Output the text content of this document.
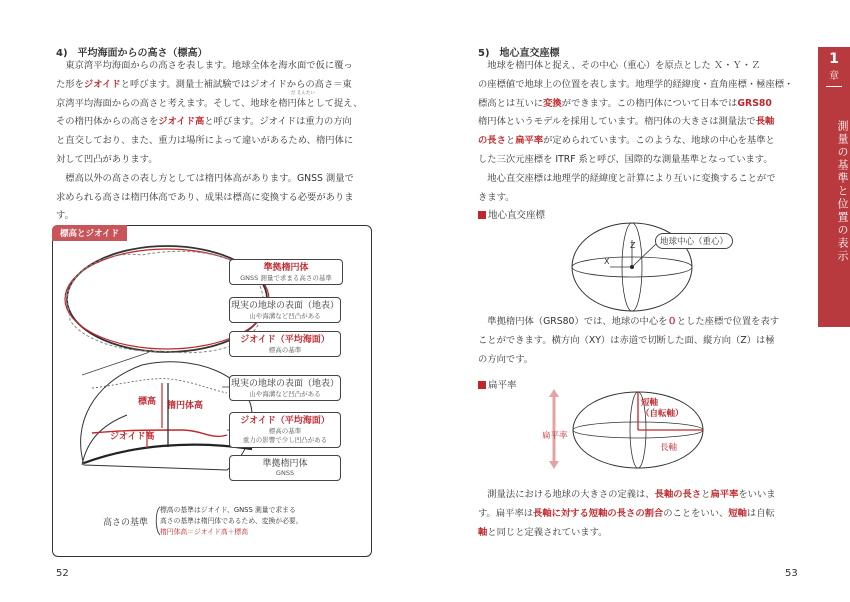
4)　平均海面からの高さ（標高）

　東京湾平均海面からの高さを表します。地球全体を海水面で仮に覆っ

た形をジオイドと呼びます。測量士補試験ではジオイドからの高さ＝東

京湾平均海面からの高さと考えます。そして、地球を楕円体として捉え、

その楕円体からの高さをジオイド高と呼びます。ジオイドは重力の方向

と直交しており、また、重力は場所によって違いがあるため、楕円体に

対して凹凸があります。

　標高以外の高さの表し方としては楕円体高があります。GNSS 測量で

求められる高さは楕円体高であり、成果は標高に変換する必要がありま

す。

だ えんたい
標高とジオイド
準拠楕円体
GNSS 測量で求まる高さの基準
現実の地球の表面（地表）
山や海溝など凹凸がある
ジオイド（平均海面）
標高の基準
現実の地球の表面（地表）
山や海溝など凹凸がある
ジオイド（平均海面）
標高の基準
重力の影響で少し凹凸がある
準拠楕円体
GNSS
標高 楕円体高
ジオイド高
高さの基準
標高の基準はジオイド、GNSS 測量で求まる
高さの基準は楕円体であるため、変換が必要。
楕円体高＝ジオイド高＋標高
52
5)　地心直交座標

　地球を楕円体と捉え、その中心（重心）を原点とした Ｘ・Ｙ・Ｚ

の座標値で地球上の位置を表します。地理学的経緯度・直角座標・極座標・

標高とは互いに変換ができます。この楕円体について日本ではGRS80

楕円体というモデルを採用しています。楕円体の大きさは測量法で長軸

の長さと扁平率が定められています。このような、地球の中心を基準と

した三次元座標を ITRF 系と呼び、国際的な測量基準となっています。

　地心直交座標は地理学的経緯度と計算により互いに変換することがで

きます。

地心直交座標
Z
X
地球中心（重心）

　準拠楕円体（GRS80）では、地球の中心を０とした座標で位置を表す

ことができます。横方向（XY）は赤道で切断した面、縦方向（Z）は極

の方向です。

扁平率
扁平率
短軸
（自転軸）
長軸

　測量法における地球の大きさの定義は、長軸の長さと扁平率をいいま

す。扁平率は長軸に対する短軸の長さの割合のことをいい、短軸は自転

軸と同じと定義されています。

53
1
章
測量の基準と位置の表示
